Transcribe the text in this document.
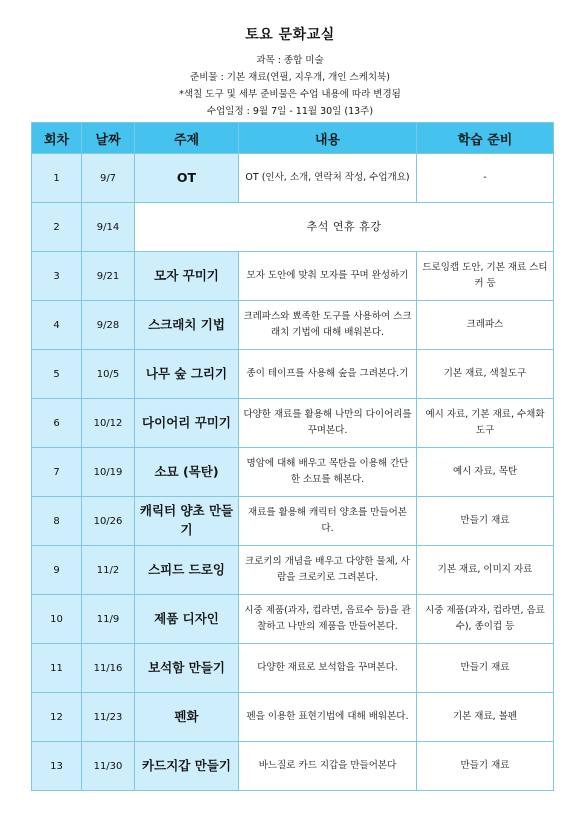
토요 문화교실
과목 : 종합 미술
준비물 : 기본 재료(연필, 지우개, 개인 스케치북)
*색칠 도구 및 세부 준비물은 수업 내용에 따라 변경됨
수업일정 : 9월 7일 - 11월 30일 (13주)
회차	날짜	주제	내용	학습 준비
1	9/7	OT	OT (인사, 소개, 연락처 작성, 수업개요)	-
2	9/14	추석 연휴 휴강		
3	9/21	모자 꾸미기	모자 도안에 맞춰 모자를 꾸며 완성하기	드로잉캡 도안, 기본 재료 스티커 등
4	9/28	스크래치 기법	크레파스와 뾰족한 도구를 사용하여 스크래치 기법에 대해 배워본다.	크레파스
5	10/5	나무 숲 그리기	종이 테이프를 사용해 숲을 그려본다.기	기본 재료, 색칠도구
6	10/12	다이어리 꾸미기	다양한 재료를 활용해 나만의 다이어리를 꾸며본다.	예시 자료, 기본 재료, 수채화 도구
7	10/19	소묘 (목탄)	명암에 대해 배우고 목탄을 이용해 간단한 소묘를 해본다.	예시 자료, 목탄
8	10/26	캐릭터 양초 만들기	재료를 활용해 캐릭터 양초를 만들어본다.	만들기 재료
9	11/2	스피드 드로잉	크로키의 개념을 배우고 다양한 물체, 사람을 크로키로 그려본다.	기본 재료, 이미지 자료
10	11/9	제품 디자인	시중 제품(과자, 컵라면, 음료수 등)을 관찰하고 나만의 제품을 만들어본다.	시중 제품(과자, 컵라면, 음료수), 종이컵 등
11	11/16	보석함 만들기	다양한 재료로 보석함을 꾸며본다.	만들기 재료
12	11/23	펜화	펜을 이용한 표현기법에 대해 배워본다.	기본 재료, 볼펜
13	11/30	카드지갑 만들기	바느질로 카드 지갑을 만들어본다	만들기 재료
